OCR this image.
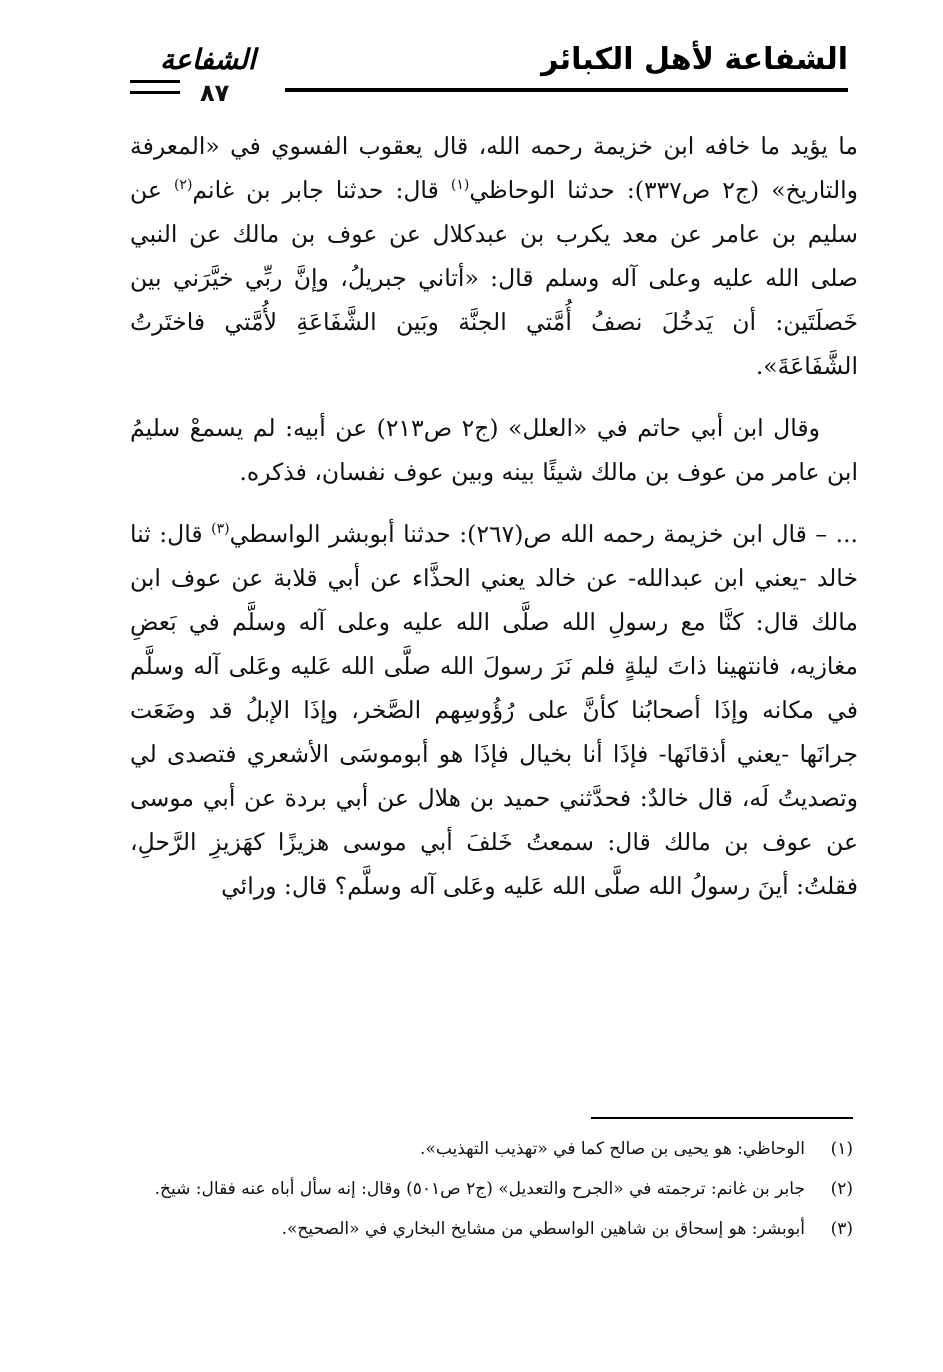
الشفاعة لأهل الكبائر
الشفاعة
٨٧

ما يؤيد ما خافه ابن خزيمة رحمه الله، قال يعقوب الفسوي في «المعرفة والتاريخ» (ج٢ ص٣٣٧): حدثنا الوحاظي$^{(١)}$ قال: حدثنا جابر بن غانم$^{(٢)}$ عن سليم بن عامر عن معد يكرب بن عبدكلال عن عوف بن مالك عن النبي صلى الله عليه وعلى آله وسلم قال: «أتاني جبريلُ، وإنَّ ربِّي خيَّرَني بين خَصلَتَين: أن يَدخُلَ نصفُ أُمَّتي الجنَّة وبَين الشَّفَاعَةِ لأُمَّتي فاختَرتُ الشَّفَاعَةَ».

وقال ابن أبي حاتم في «العلل» (ج٢ ص٢١٣) عن أبيه: لم يسمعْ سليمُ ابن عامر من عوف بن مالك شيئًا بينه وبين عوف نفسان، فذكره.

... – قال ابن خزيمة رحمه الله ص(٢٦٧): حدثنا أبوبشر الواسطي$^{(٣)}$ قال: ثنا خالد -يعني ابن عبدالله- عن خالد يعني الحذَّاء عن أبي قلابة عن عوف ابن مالك قال: كنَّا مع رسولِ الله صلَّى الله عليه وعلى آله وسلَّم في بَعضِ مغازيه، فانتهينا ذاتَ ليلةٍ فلم نَرَ رسولَ الله صلَّى الله عَليه وعَلى آله وسلَّم في مكانه وإذَا أصحابُنا كأنَّ على رُؤُوسِهم الصَّخر، وإذَا الإبلُ قد وضَعَت جرانَها -يعني أذقانَها- فإذَا أنا بخيال فإذَا هو أبوموسَى الأشعري فتصدى لي وتصديتُ لَه، قال خالدٌ: فحدَّثني حميد بن هلال عن أبي بردة عن أبي موسى عن عوف بن مالك قال: سمعتُ خَلفَ أبي موسى هزيزًا كهَزيزِ الرَّحلِ، فقلتُ: أينَ رسولُ الله صلَّى الله عَليه وعَلى آله وسلَّم؟ قال: ورائي

(١)
الوحاظي: هو يحيى بن صالح كما في «تهذيب التهذيب».

(٢)
جابر بن غانم: ترجمته في «الجرح والتعديل» (ج٢ ص٥٠١) وقال: إنه سأل أباه عنه فقال: شيخ.

(٣)
أبوبشر: هو إسحاق بن شاهين الواسطي من مشايخ البخاري في «الصحيح».
